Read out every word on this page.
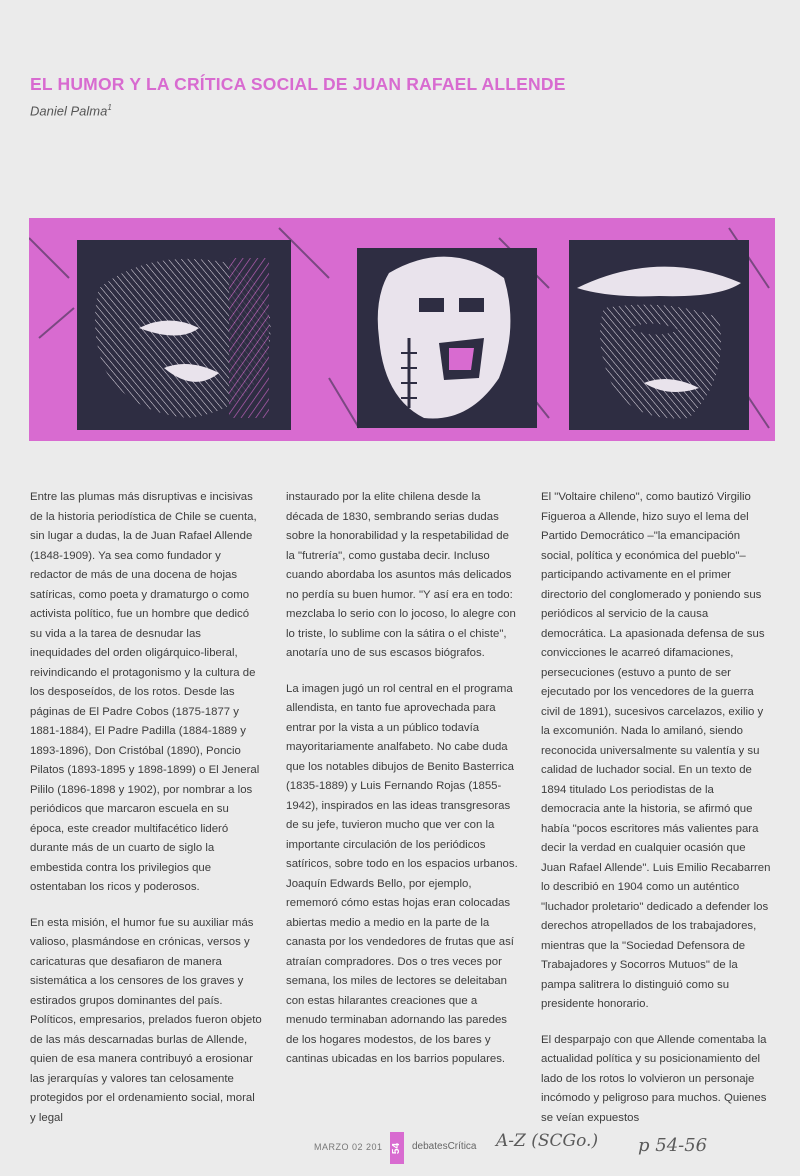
EL HUMOR Y LA CRÍTICA SOCIAL DE JUAN RAFAEL ALLENDE
Daniel Palma$^1$

Entre las plumas más disruptivas e incisivas de la historia periodística de Chile se cuenta, sin lugar a dudas, la de Juan Rafael Allende (1848-1909). Ya sea como fundador y redactor de más de una docena de hojas satíricas, como poeta y dramaturgo o como activista político, fue un hombre que dedicó su vida a la tarea de desnudar las inequidades del orden oligárquico-liberal, reivindicando el protagonismo y la cultura de los desposeídos, de los rotos. Desde las páginas de El Padre Cobos (1875-1877 y 1881-1884), El Padre Padilla (1884-1889 y 1893-1896), Don Cristóbal (1890), Poncio Pilatos (1893-1895 y 1898-1899) o El Jeneral Pililo (1896-1898 y 1902), por nombrar a los periódicos que marcaron escuela en su época, este creador multifacético lideró durante más de un cuarto de siglo la embestida contra los privilegios que ostentaban los ricos y poderosos.

En esta misión, el humor fue su auxiliar más valioso, plasmándose en crónicas, versos y caricaturas que desafiaron de manera sistemática a los censores de los graves y estirados grupos dominantes del país. Políticos, empresarios, prelados fueron objeto de las más descarnadas burlas de Allende, quien de esa manera contribuyó a erosionar las jerarquías y valores tan celosamente protegidos por el ordenamiento social, moral y legal

instaurado por la elite chilena desde la década de 1830, sembrando serias dudas sobre la honorabilidad y la respetabilidad de la "futrería", como gustaba decir. Incluso cuando abordaba los asuntos más delicados no perdía su buen humor. "Y así era en todo: mezclaba lo serio con lo jocoso, lo alegre con lo triste, lo sublime con la sátira o el chiste", anotaría uno de sus escasos biógrafos.

La imagen jugó un rol central en el programa allendista, en tanto fue aprovechada para entrar por la vista a un público todavía mayoritariamente analfabeto. No cabe duda que los notables dibujos de Benito Basterrica (1835-1889) y Luis Fernando Rojas (1855-1942), inspirados en las ideas transgresoras de su jefe, tuvieron mucho que ver con la importante circulación de los periódicos satíricos, sobre todo en los espacios urbanos. Joaquín Edwards Bello, por ejemplo, rememoró cómo estas hojas eran colocadas abiertas medio a medio en la parte de la canasta por los vendedores de frutas que así atraían compradores. Dos o tres veces por semana, los miles de lectores se deleitaban con estas hilarantes creaciones que a menudo terminaban adornando las paredes de los hogares modestos, de los bares y cantinas ubicadas en los barrios populares.

El "Voltaire chileno", como bautizó Virgilio Figueroa a Allende, hizo suyo el lema del Partido Democrático –"la emancipación social, política y económica del pueblo"– participando activamente en el primer directorio del conglomerado y poniendo sus periódicos al servicio de la causa democrática. La apasionada defensa de sus convicciones le acarreó difamaciones, persecuciones (estuvo a punto de ser ejecutado por los vencedores de la guerra civil de 1891), sucesivos carcelazos, exilio y la excomunión. Nada lo amilanó, siendo reconocida universalmente su valentía y su calidad de luchador social. En un texto de 1894 titulado Los periodistas de la democracia ante la historia, se afirmó que había "pocos escritores más valientes para decir la verdad en cualquier ocasión que Juan Rafael Allende". Luis Emilio Recabarren lo describió en 1904 como un auténtico "luchador proletario" dedicado a defender los derechos atropellados de los trabajadores, mientras que la "Sociedad Defensora de Trabajadores y Socorros Mutuos" de la pampa salitrera lo distinguió como su presidente honorario.

El desparpajo con que Allende comentaba la actualidad política y su posicionamiento del lado de los rotos lo volvieron un personaje incómodo y peligroso para muchos. Quienes se veían expuestos

MARZO 02 201 54 debatesCrítica A-Z (SCGo.) p 54-56
